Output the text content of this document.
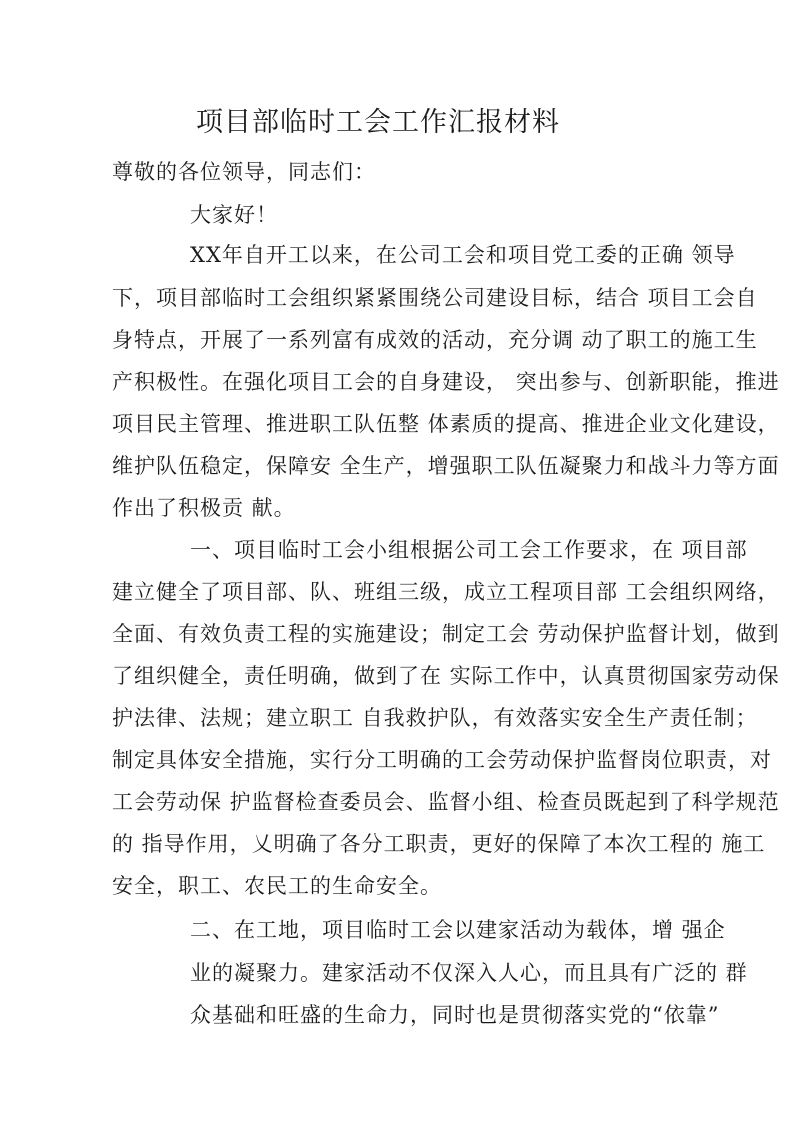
项目部临时工会工作汇报材料
尊敬的各位领导，同志们：
大家好！
XX年自开工以来，在公司工会和项目党工委的正确 领导
下，项目部临时工会组织紧紧围绕公司建设目标，结合 项目工会自
身特点，开展了一系列富有成效的活动，充分调 动了职工的施工生
产积极性。在强化项目工会的自身建设， 突出参与、创新职能，推进
项目民主管理、推进职工队伍整 体素质的提高、推进企业文化建设，
维护队伍稳定，保障安 全生产，增强职工队伍凝聚力和战斗力等方面
作出了积极贡 献。
一、项目临时工会小组根据公司工会工作要求，在 项目部
建立健全了项目部、队、班组三级，成立工程项目部 工会组织网络，
全面、有效负责工程的实施建设；制定工会 劳动保护监督计划，做到
了组织健全，责任明确，做到了在 实际工作中，认真贯彻国家劳动保
护法律、法规；建立职工 自我救护队，有效落实安全生产责任制；
制定具体安全措施，实行分工明确的工会劳动保护监督岗位职责，对
工会劳动保 护监督检查委员会、监督小组、检查员既起到了科学规范
的 指导作用，乂明确了各分工职责，更好的保障了本次工程的 施工
安全，职工、农民工的生命安全。
二、在工地，项目临时工会以建家活动为载体，增 强企
业的凝聚力。建家活动不仅深入人心，而且具有广泛的 群
众基础和旺盛的生命力，同时也是贯彻落实党的“依靠”
